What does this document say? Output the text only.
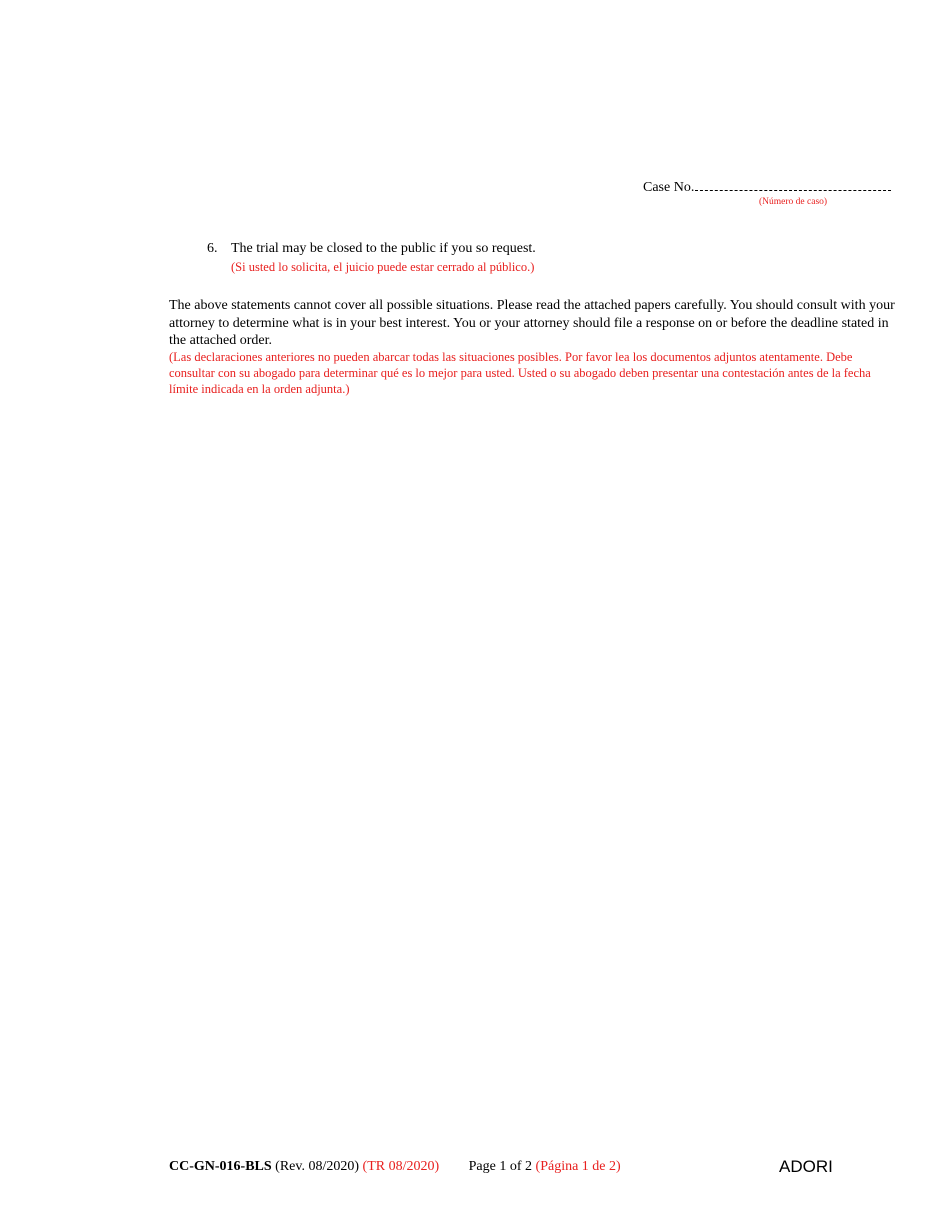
Case No.
(Número de caso)
6. The trial may be closed to the public if you so request.
(Si usted lo solicita, el juicio puede estar cerrado al público.)
The above statements cannot cover all possible situations. Please read the attached papers carefully. You should consult with your attorney to determine what is in your best interest. You or your attorney should file a response on or before the deadline stated in the attached order.
(Las declaraciones anteriores no pueden abarcar todas las situaciones posibles. Por favor lea los documentos adjuntos atentamente. Debe consultar con su abogado para determinar qué es lo mejor para usted. Usted o su abogado deben presentar una contestación antes de la fecha límite indicada en la orden adjunta.)
CC-GN-016-BLS (Rev. 08/2020) (TR 08/2020) Page 1 of 2 (Página 1 de 2)	ADORI
